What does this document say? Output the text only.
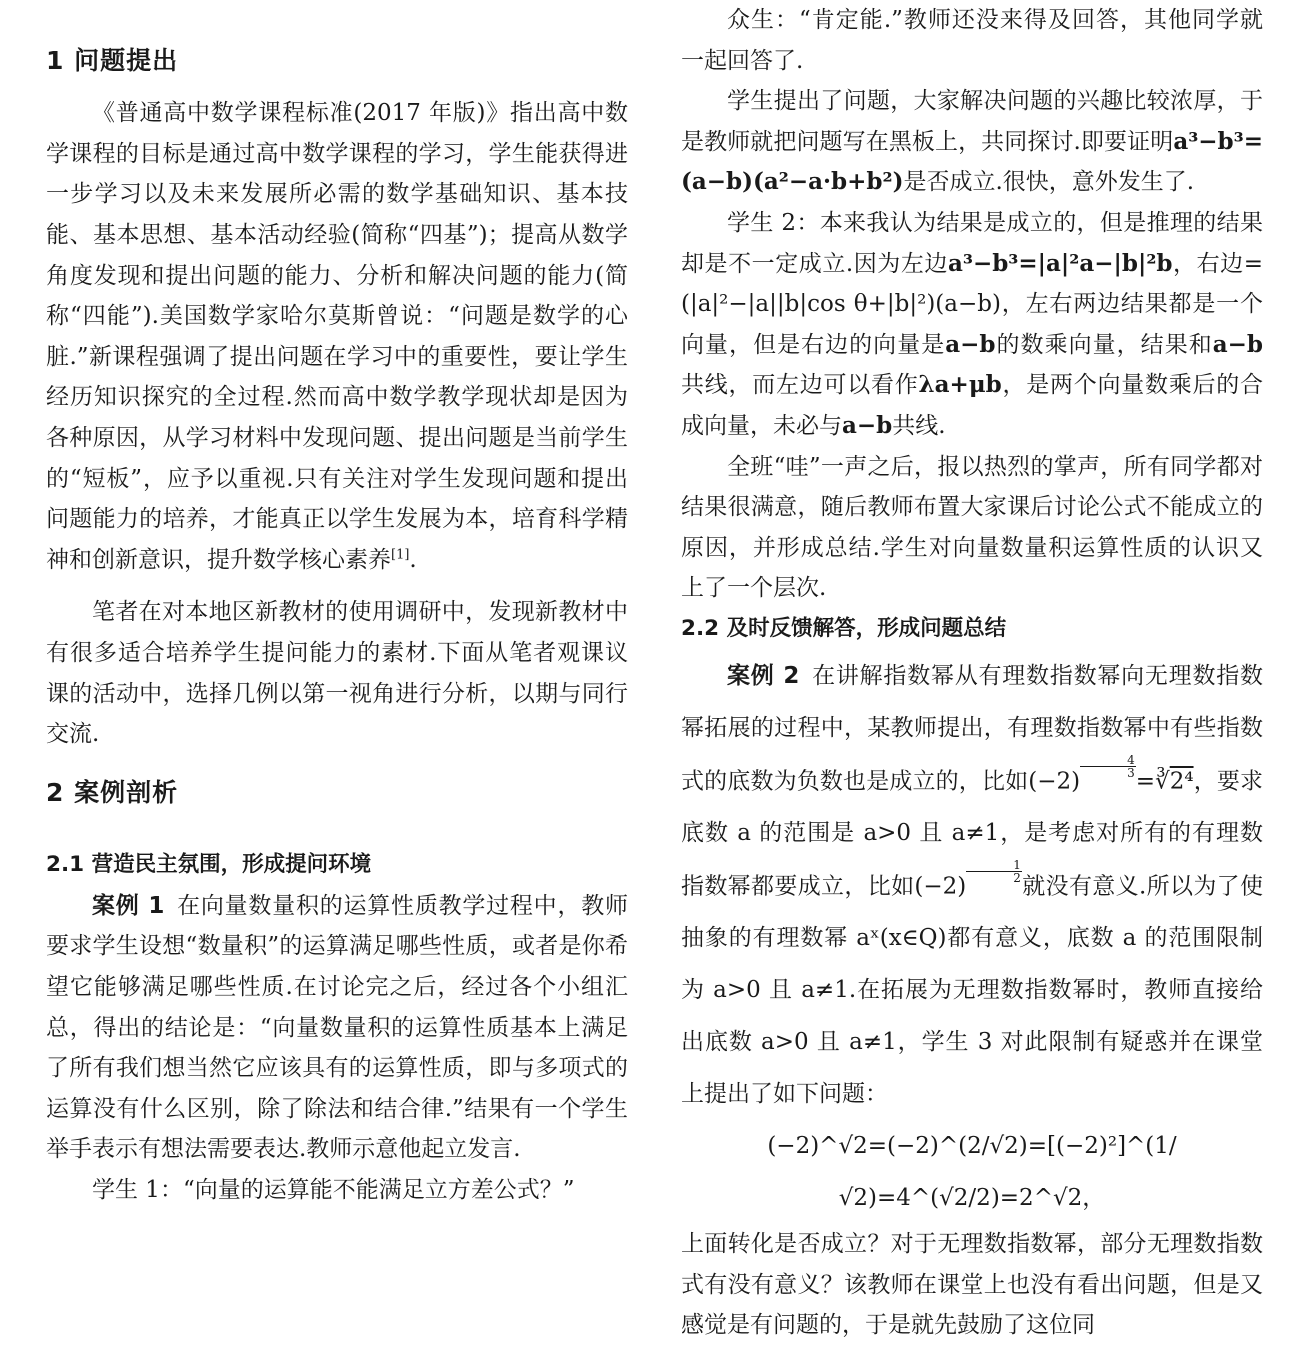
1 问题提出

《普通高中数学课程标准(2017 年版)》指出高中数学课程的目标是通过高中数学课程的学习，学生能获得进一步学习以及未来发展所必需的数学基础知识、基本技能、基本思想、基本活动经验(简称“四基”)；提高从数学角度发现和提出问题的能力、分析和解决问题的能力(简称“四能”).美国数学家哈尔莫斯曾说：“问题是数学的心脏.”新课程强调了提出问题在学习中的重要性，要让学生经历知识探究的全过程.然而高中数学教学现状却是因为各种原因，从学习材料中发现问题、提出问题是当前学生的“短板”，应予以重视.只有关注对学生发现问题和提出问题能力的培养，才能真正以学生发展为本，培育科学精神和创新意识，提升数学核心素养[1].

笔者在对本地区新教材的使用调研中，发现新教材中有很多适合培养学生提问能力的素材.下面从笔者观课议课的活动中，选择几例以第一视角进行分析，以期与同行交流.

2 案例剖析
2.1 营造民主氛围，形成提问环境

案例 1 在向量数量积的运算性质教学过程中，教师要求学生设想“数量积”的运算满足哪些性质，或者是你希望它能够满足哪些性质.在讨论完之后，经过各个小组汇总，得出的结论是：“向量数量积的运算性质基本上满足了所有我们想当然它应该具有的运算性质，即与多项式的运算没有什么区别，除了除法和结合律.”结果有一个学生举手表示有想法需要表达.教师示意他起立发言.

学生 1：“向量的运算能不能满足立方差公式？”

众生：“肯定能.”教师还没来得及回答，其他同学就一起回答了.

学生提出了问题，大家解决问题的兴趣比较浓厚，于是教师就把问题写在黑板上，共同探讨.即要证明a³−b³=(a−b)(a²−a·b+b²)是否成立.很快，意外发生了.

学生 2：本来我认为结果是成立的，但是推理的结果却是不一定成立.因为左边a³−b³=|a|²a−|b|²b，右边=(|a|²−|a||b|cos θ+|b|²)(a−b)，左右两边结果都是一个向量，但是右边的向量是a−b的数乘向量，结果和a−b共线，而左边可以看作λa+μb，是两个向量数乘后的合成向量，未必与a−b共线.

全班“哇”一声之后，报以热烈的掌声，所有同学都对结果很满意，随后教师布置大家课后讨论公式不能成立的原因，并形成总结.学生对向量数量积运算性质的认识又上了一个层次.

2.2 及时反馈解答，形成问题总结

案例 2 在讲解指数幂从有理数指数幂向无理数指数幂拓展的过程中，某教师提出，有理数指数幂中有些指数式的底数为负数也是成立的，比如(−2)
$\frac{4}{3}$
=∛2⁴，要求底数 a 的范围是 a>0 且 a≠1，是考虑对所有的有理数指数幂都要成立，比如(−2)
$\frac{1}{2}$
就没有意义.所以为了使抽象的有理数幂 aˣ(x∈Q)都有意义，底数 a 的范围限制为 a>0 且 a≠1.在拓展为无理数指数幂时，教师直接给出底数 a>0 且 a≠1，学生 3 对此限制有疑惑并在课堂上提出了如下问题：

(−2)^√2=(−2)^(2/√2)=[(−2)²]^(1/√2)=4^(√2/2)=2^√2，

上面转化是否成立？对于无理数指数幂，部分无理数指数式有没有意义？该教师在课堂上也没有看出问题，但是又感觉是有问题的，于是就先鼓励了这位同
